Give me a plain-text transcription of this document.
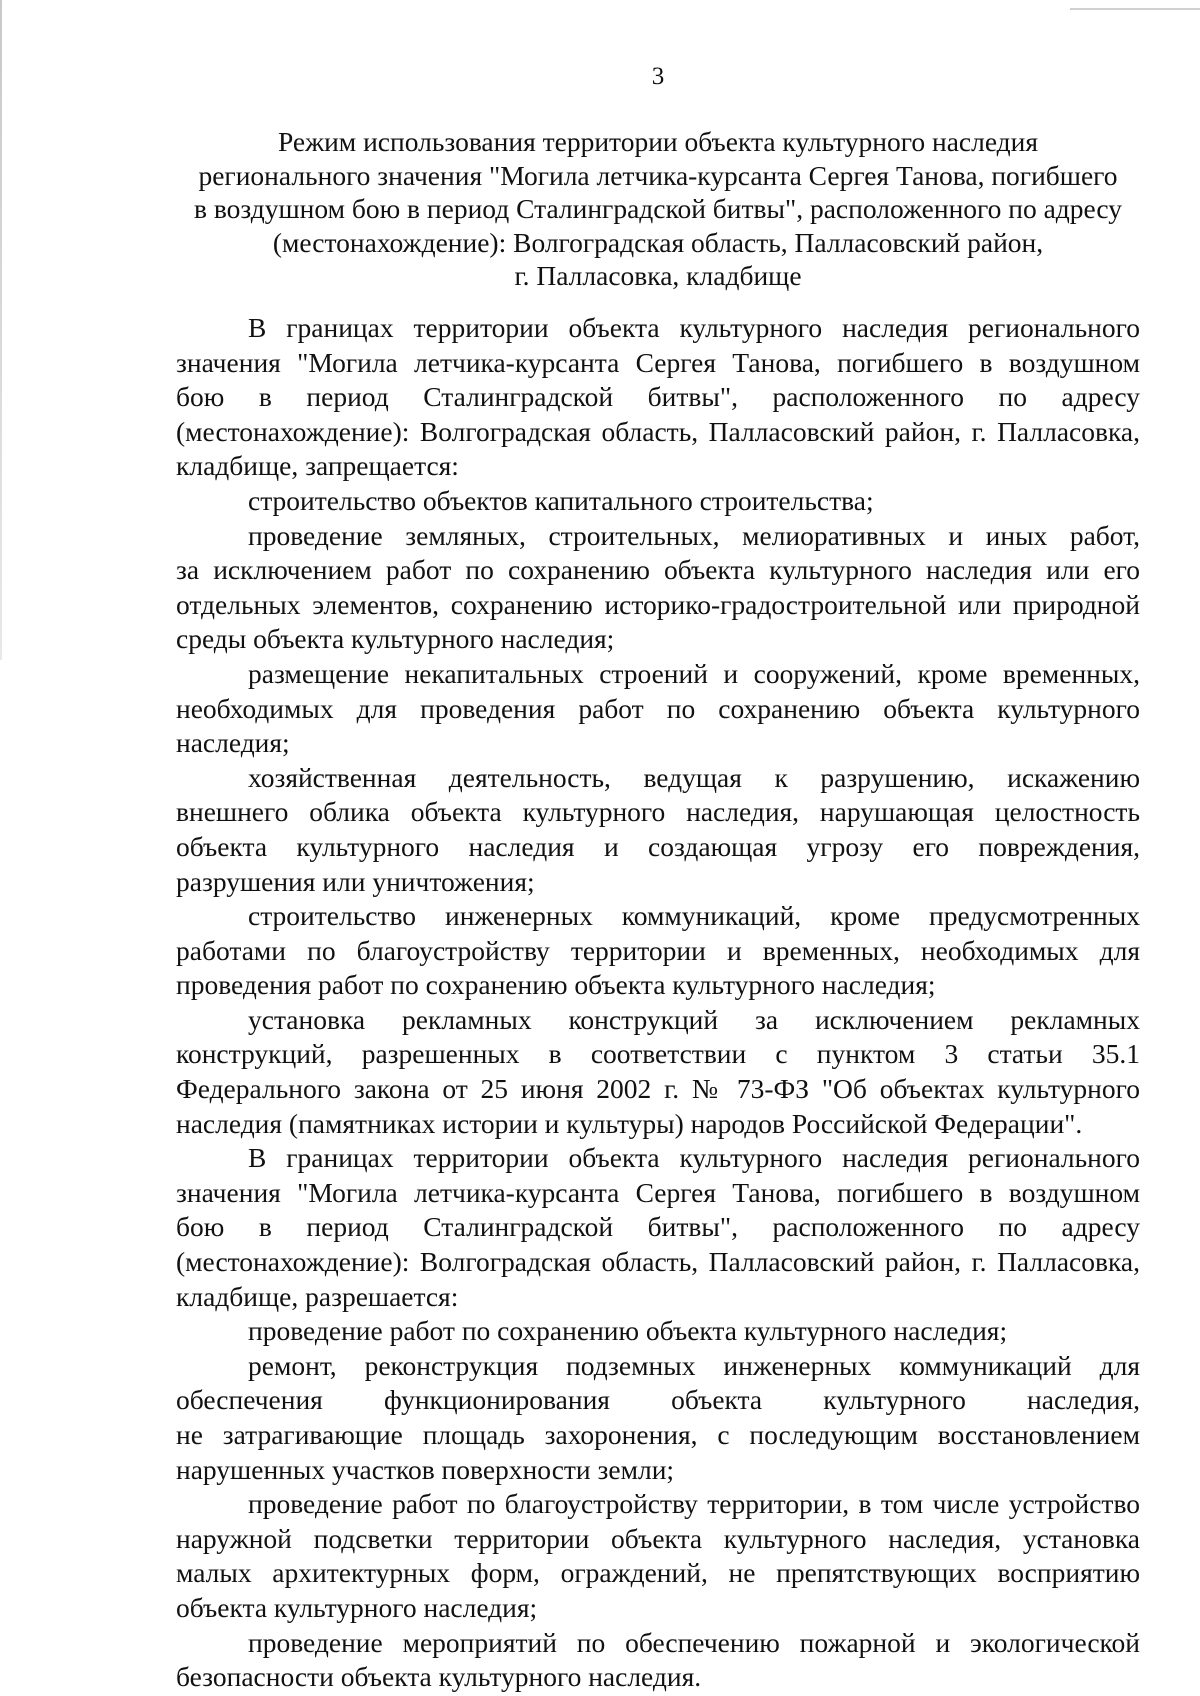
3
Режим использования территории объекта культурного наследия
регионального значения "Могила летчика-курсанта Сергея Танова, погибшего
в воздушном бою в период Сталинградской битвы", расположенного по адресу
(местонахождение): Волгоградская область, Палласовский район,
г. Палласовка, кладбище
В границах территории объекта культурного наследия регионального
значения "Могила летчика-курсанта Сергея Танова, погибшего в воздушном
бою в период Сталинградской битвы", расположенного по адресу
(местонахождение): Волгоградская область, Палласовский район, г. Палласовка,
кладбище, запрещается:
строительство объектов капитального строительства;
проведение земляных, строительных, мелиоративных и иных работ,
за исключением работ по сохранению объекта культурного наследия или его
отдельных элементов, сохранению историко-градостроительной или природной
среды объекта культурного наследия;
размещение некапитальных строений и сооружений, кроме временных,
необходимых для проведения работ по сохранению объекта культурного
наследия;
хозяйственная деятельность, ведущая к разрушению, искажению
внешнего облика объекта культурного наследия, нарушающая целостность
объекта культурного наследия и создающая угрозу его повреждения,
разрушения или уничтожения;
строительство инженерных коммуникаций, кроме предусмотренных
работами по благоустройству территории и временных, необходимых для
проведения работ по сохранению объекта культурного наследия;
установка рекламных конструкций за исключением рекламных
конструкций, разрешенных в соответствии с пунктом 3 статьи 35.1
Федерального закона от 25 июня 2002 г. № 73-ФЗ "Об объектах культурного
наследия (памятниках истории и культуры) народов Российской Федерации".
В границах территории объекта культурного наследия регионального
значения "Могила летчика-курсанта Сергея Танова, погибшего в воздушном
бою в период Сталинградской битвы", расположенного по адресу
(местонахождение): Волгоградская область, Палласовский район, г. Палласовка,
кладбище, разрешается:
проведение работ по сохранению объекта культурного наследия;
ремонт, реконструкция подземных инженерных коммуникаций для
обеспечения функционирования объекта культурного наследия,
не затрагивающие площадь захоронения, с последующим восстановлением
нарушенных участков поверхности земли;
проведение работ по благоустройству территории, в том числе устройство
наружной подсветки территории объекта культурного наследия, установка
малых архитектурных форм, ограждений, не препятствующих восприятию
объекта культурного наследия;
проведение мероприятий по обеспечению пожарной и экологической
безопасности объекта культурного наследия.
